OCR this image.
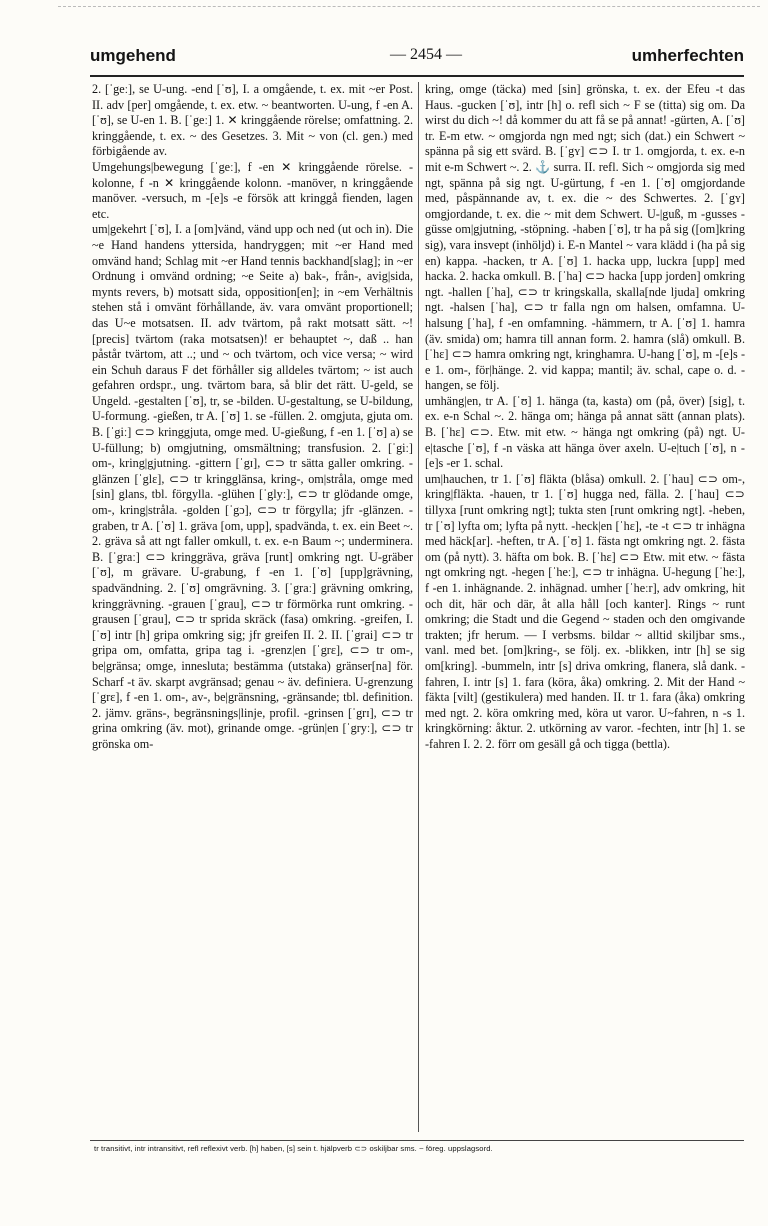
umgehend	— 2454 —	umherfechten

2. [ˈgeː], se U-ung. -end [ˈʊ], I. a omgående, t. ex. mit ~er Post. II. adv [per] omgående, t. ex. etw. ~ beantworten. U-ung, f -en A. [ˈʊ], se U-en 1. B. [ˈgeː] 1. ✕ kringgående rörelse; omfattning. 2. kringgående, t. ex. ~ des Gesetzes. 3. Mit ~ von (cl. gen.) med förbigående av.

Umgehungs|bewegung [ˈgeː], f -en ✕ kringgående rörelse. -kolonne, f -n ✕ kringgående kolonn. -manöver, n kringgående manöver. -versuch, m -[e]s -e försök att kringgå fienden, lagen etc.

um|gekehrt [ˈʊ], I. a [om]vänd, vänd upp och ned (ut och in). Die ~e Hand handens yttersida, handryggen; mit ~er Hand med omvänd hand; Schlag mit ~er Hand tennis backhand[slag]; in ~er Ordnung i omvänd ordning; ~e Seite a) bak-, från-, avig|sida, mynts revers, b) motsatt sida, opposition[en]; in ~em Verhältnis stehen stå i omvänt förhållande, äv. vara omvänt proportionell; das U~e motsatsen. II. adv tvärtom, på rakt motsatt sätt. ~! [precis] tvärtom (raka motsatsen)! er behauptet ~, daß .. han påstår tvärtom, att ..; und ~ och tvärtom, och vice versa; ~ wird ein Schuh daraus F det förhåller sig alldeles tvärtom; ~ ist auch gefahren ordspr., ung. tvärtom bara, så blir det rätt. U-geld, se Ungeld. -gestalten [ˈʊ], tr, se -bilden. U-gestaltung, se U-bildung, U-formung. -gießen, tr A. [ˈʊ] 1. se -füllen. 2. omgjuta, gjuta om. B. [ˈgiː] ⊂⊃ kringgjuta, omge med. U-gießung, f -en 1. [ˈʊ] a) se U-füllung; b) omgjutning, omsmältning; transfusion. 2. [ˈgiː] om-, kring|gjutning. -gittern [ˈgɪ], ⊂⊃ tr sätta galler omkring. -glänzen [ˈglɛ], ⊂⊃ tr kringglänsa, kring-, om|stråla, omge med [sin] glans, tbl. förgylla. -glühen [ˈglyː], ⊂⊃ tr glödande omge, om-, kring|stråla. -golden [ˈgɔ], ⊂⊃ tr förgylla; jfr -glänzen. -graben, tr A. [ˈʊ] 1. gräva [om, upp], spadvända, t. ex. ein Beet ~. 2. gräva så att ngt faller omkull, t. ex. e-n Baum ~; underminera. B. [ˈgraː] ⊂⊃ kringgräva, gräva [runt] omkring ngt. U-gräber [ˈʊ], m grävare. U-grabung, f -en 1. [ˈʊ] [upp]grävning, spadvändning. 2. [ˈʊ] omgrävning. 3. [ˈgraː] grävning omkring, kringgrävning. -grauen [ˈgrau], ⊂⊃ tr förmörka runt omkring. -grausen [ˈgrau], ⊂⊃ tr sprida skräck (fasa) omkring. -greifen, I. [ˈʊ] intr [h] gripa omkring sig; jfr greifen II. 2. II. [ˈgrai] ⊂⊃ tr gripa om, omfatta, gripa tag i. -grenz|en [ˈgrɛ], ⊂⊃ tr om-, be|gränsa; omge, innesluta; bestämma (utstaka) gränser[na] för. Scharf -t äv. skarpt avgränsad; genau ~ äv. definiera. U-grenzung [ˈgrɛ], f -en 1. om-, av-, be|gränsning, -gränsande; tbl. definition. 2. jämv. gräns-, begränsnings|linje, profil. -grinsen [ˈgrɪ], ⊂⊃ tr grina omkring (äv. mot), grinande omge. -grün|en [ˈgryː], ⊂⊃ tr grönska om-

kring, omge (täcka) med [sin] grönska, t. ex. der Efeu -t das Haus. -gucken [ˈʊ], intr [h] o. refl sich ~ F se (titta) sig om. Da wirst du dich ~! då kommer du att få se på annat! -gürten, A. [ˈʊ] tr. E-m etw. ~ omgjorda ngn med ngt; sich (dat.) ein Schwert ~ spänna på sig ett svärd. B. [ˈgʏ] ⊂⊃ I. tr 1. omgjorda, t. ex. e-n mit e-m Schwert ~. 2. ⚓ surra. II. refl. Sich ~ omgjorda sig med ngt, spänna på sig ngt. U-gürtung, f -en 1. [ˈʊ] omgjordande med, påspännande av, t. ex. die ~ des Schwertes. 2. [ˈgʏ] omgjordande, t. ex. die ~ mit dem Schwert. U-|guß, m -gusses -güsse om|gjutning, -stöpning. -haben [ˈʊ], tr ha på sig ([om]kring sig), vara insvept (inhöljd) i. E-n Mantel ~ vara klädd i (ha på sig en) kappa. -hacken, tr A. [ˈʊ] 1. hacka upp, luckra [upp] med hacka. 2. hacka omkull. B. [ˈha] ⊂⊃ hacka [upp jorden] omkring ngt. -hallen [ˈha], ⊂⊃ tr kringskalla, skalla[nde ljuda] omkring ngt. -halsen [ˈha], ⊂⊃ tr falla ngn om halsen, omfamna. U-halsung [ˈha], f -en omfamning. -hämmern, tr A. [ˈʊ] 1. hamra (äv. smida) om; hamra till annan form. 2. hamra (slå) omkull. B. [ˈhɛ] ⊂⊃ hamra omkring ngt, kringhamra. U-hang [ˈʊ], m -[e]s -e 1. om-, för|hänge. 2. vid kappa; mantil; äv. schal, cape o. d. -hangen, se följ.

umhäng|en, tr A. [ˈʊ] 1. hänga (ta, kasta) om (på, över) [sig], t. ex. e-n Schal ~. 2. hänga om; hänga på annat sätt (annan plats). B. [ˈhɛ] ⊂⊃. Etw. mit etw. ~ hänga ngt omkring (på) ngt. U-e|tasche [ˈʊ], f -n väska att hänga över axeln. U-e|tuch [ˈʊ], n -[e]s -er 1. schal.

um|hauchen, tr 1. [ˈʊ] fläkta (blåsa) omkull. 2. [ˈhau] ⊂⊃ om-, kring|fläkta. -hauen, tr 1. [ˈʊ] hugga ned, fälla. 2. [ˈhau] ⊂⊃ tillyxa [runt omkring ngt]; tukta sten [runt omkring ngt]. -heben, tr [ˈʊ] lyfta om; lyfta på nytt. -heck|en [ˈhɛ], -te -t ⊂⊃ tr inhägna med häck[ar]. -heften, tr A. [ˈʊ] 1. fästa ngt omkring ngt. 2. fästa om (på nytt). 3. häfta om bok. B. [ˈhɛ] ⊂⊃ Etw. mit etw. ~ fästa ngt omkring ngt. -hegen [ˈheː], ⊂⊃ tr inhägna. U-hegung [ˈheː], f -en 1. inhägnande. 2. inhägnad. umher [ˈheːr], adv omkring, hit och dit, här och där, åt alla håll [och kanter]. Rings ~ runt omkring; die Stadt und die Gegend ~ staden och den omgivande trakten; jfr herum. — I verbsms. bildar ~ alltid skiljbar sms., vanl. med bet. [om]kring-, se följ. ex. -blikken, intr [h] se sig om[kring]. -bummeln, intr [s] driva omkring, flanera, slå dank. -fahren, I. intr [s] 1. fara (köra, åka) omkring. 2. Mit der Hand ~ fäkta [vilt] (gestikulera) med handen. II. tr 1. fara (åka) omkring med ngt. 2. köra omkring med, köra ut varor. U~fahren, n -s 1. kringkörning: åktur. 2. utkörning av varor. -fechten, intr [h] 1. se -fahren I. 2. 2. förr om gesäll gå och tigga (bettla).

tr transitivt, intr intransitivt, refl reflexivt verb. [h] haben, [s] sein t. hjälpverb ⊂⊃ oskiljbar sms. ~ föreg. uppslagsord.
